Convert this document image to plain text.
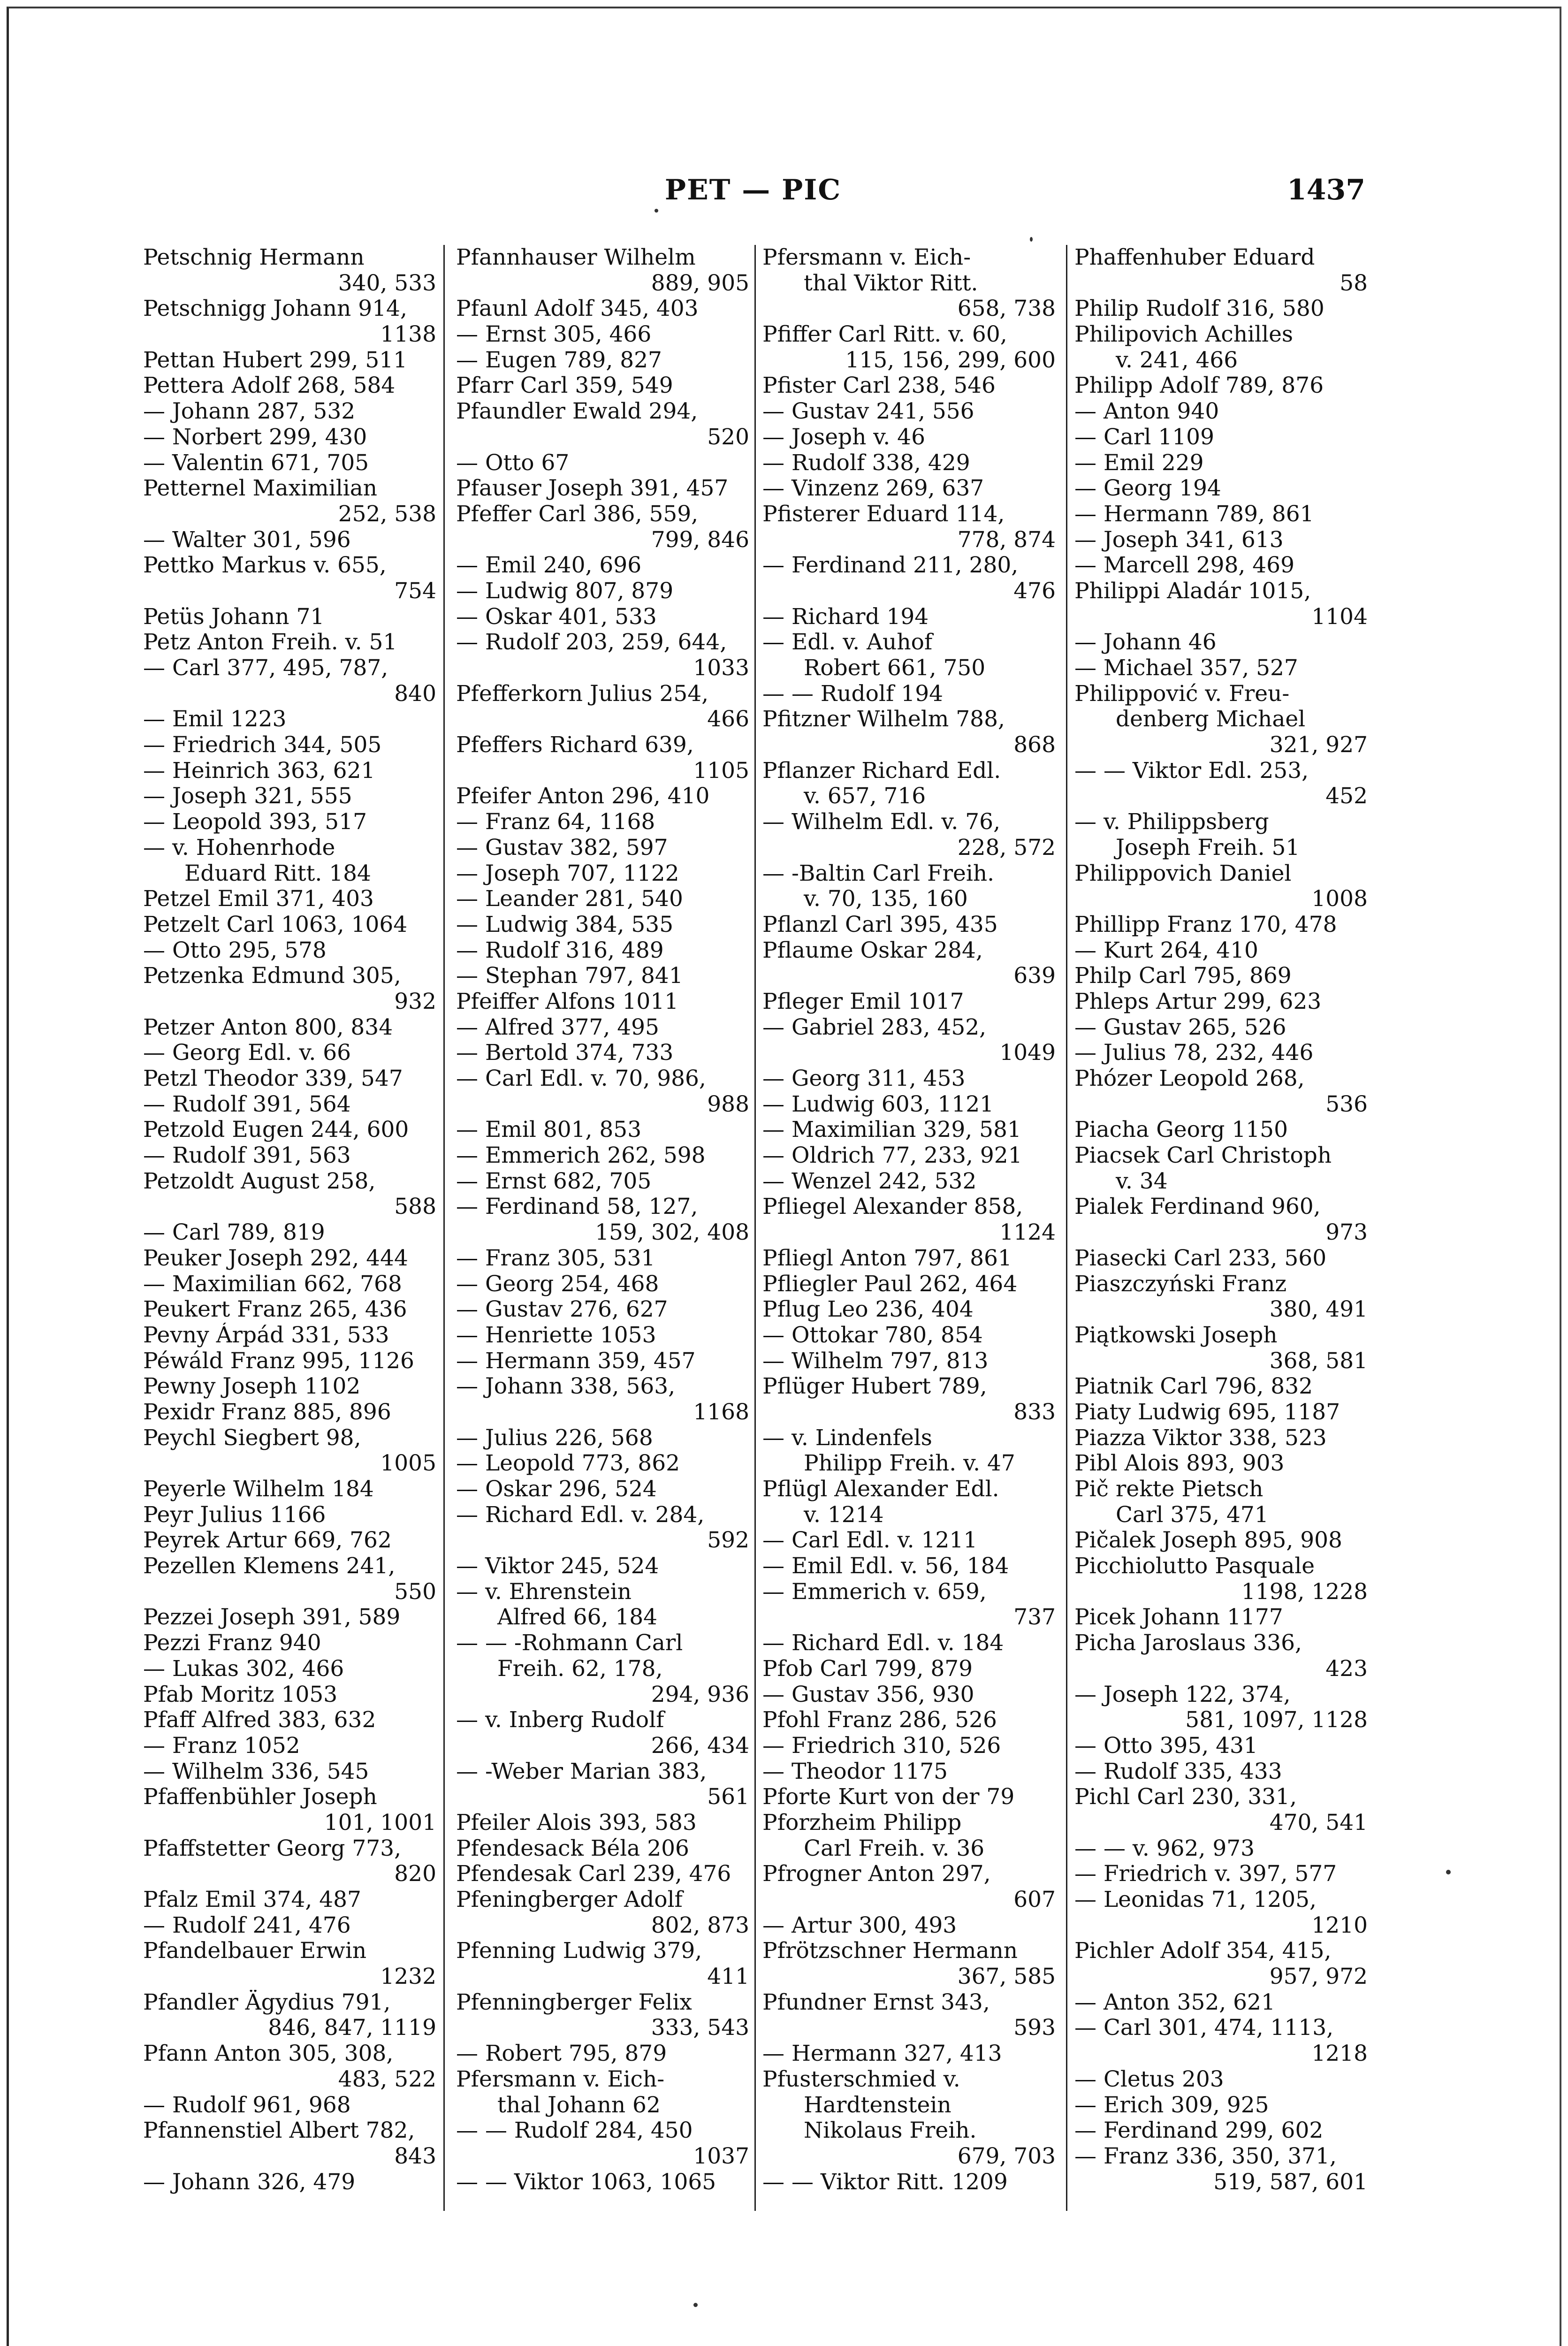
PET — PIC	1437
Petschnig Hermann
340, 533
Petschnigg Johann 914,
1138
Pettan Hubert 299, 511
Pettera Adolf 268, 584
— Johann 287, 532
— Norbert 299, 430
— Valentin 671, 705
Petternel Maximilian
252, 538
— Walter 301, 596
Pettko Markus v. 655,
754
Petüs Johann 71
Petz Anton Freih. v. 51
— Carl 377, 495, 787,
840
— Emil 1223
— Friedrich 344, 505
— Heinrich 363, 621
— Joseph 321, 555
— Leopold 393, 517
— v. Hohenrhode
Eduard Ritt. 184
Petzel Emil 371, 403
Petzelt Carl 1063, 1064
— Otto 295, 578
Petzenka Edmund 305,
932
Petzer Anton 800, 834
— Georg Edl. v. 66
Petzl Theodor 339, 547
— Rudolf 391, 564
Petzold Eugen 244, 600
— Rudolf 391, 563
Petzoldt August 258,
588
— Carl 789, 819
Peuker Joseph 292, 444
— Maximilian 662, 768
Peukert Franz 265, 436
Pevny Árpád 331, 533
Péwáld Franz 995, 1126
Pewny Joseph 1102
Pexidr Franz 885, 896
Peychl Siegbert 98,
1005
Peyerle Wilhelm 184
Peyr Julius 1166
Peyrek Artur 669, 762
Pezellen Klemens 241,
550
Pezzei Joseph 391, 589
Pezzi Franz 940
— Lukas 302, 466
Pfab Moritz 1053
Pfaff Alfred 383, 632
— Franz 1052
— Wilhelm 336, 545
Pfaffenbühler Joseph
101, 1001
Pfaffstetter Georg 773,
820
Pfalz Emil 374, 487
— Rudolf 241, 476
Pfandelbauer Erwin
1232
Pfandler Ägydius 791,
846, 847, 1119
Pfann Anton 305, 308,
483, 522
— Rudolf 961, 968
Pfannenstiel Albert 782,
843
— Johann 326, 479
Pfannhauser Wilhelm
889, 905
Pfaunl Adolf 345, 403
— Ernst 305, 466
— Eugen 789, 827
Pfarr Carl 359, 549
Pfaundler Ewald 294,
520
— Otto 67
Pfauser Joseph 391, 457
Pfeffer Carl 386, 559,
799, 846
— Emil 240, 696
— Ludwig 807, 879
— Oskar 401, 533
— Rudolf 203, 259, 644,
1033
Pfefferkorn Julius 254,
466
Pfeffers Richard 639,
1105
Pfeifer Anton 296, 410
— Franz 64, 1168
— Gustav 382, 597
— Joseph 707, 1122
— Leander 281, 540
— Ludwig 384, 535
— Rudolf 316, 489
— Stephan 797, 841
Pfeiffer Alfons 1011
— Alfred 377, 495
— Bertold 374, 733
— Carl Edl. v. 70, 986,
988
— Emil 801, 853
— Emmerich 262, 598
— Ernst 682, 705
— Ferdinand 58, 127,
159, 302, 408
— Franz 305, 531
— Georg 254, 468
— Gustav 276, 627
— Henriette 1053
— Hermann 359, 457
— Johann 338, 563,
1168
— Julius 226, 568
— Leopold 773, 862
— Oskar 296, 524
— Richard Edl. v. 284,
592
— Viktor 245, 524
— v. Ehrenstein
Alfred 66, 184
— — -Rohmann Carl
Freih. 62, 178,
294, 936
— v. Inberg Rudolf
266, 434
— -Weber Marian 383,
561
Pfeiler Alois 393, 583
Pfendesack Béla 206
Pfendesak Carl 239, 476
Pfeningberger Adolf
802, 873
Pfenning Ludwig 379,
411
Pfenningberger Felix
333, 543
— Robert 795, 879
Pfersmann v. Eich-
thal Johann 62
— — Rudolf 284, 450
1037
— — Viktor 1063, 1065
Pfersmann v. Eich-
thal Viktor Ritt.
658, 738
Pfiffer Carl Ritt. v. 60,
115, 156, 299, 600
Pfister Carl 238, 546
— Gustav 241, 556
— Joseph v. 46
— Rudolf 338, 429
— Vinzenz 269, 637
Pfisterer Eduard 114,
778, 874
— Ferdinand 211, 280,
476
— Richard 194
— Edl. v. Auhof
Robert 661, 750
— — Rudolf 194
Pfitzner Wilhelm 788,
868
Pflanzer Richard Edl.
v. 657, 716
— Wilhelm Edl. v. 76,
228, 572
— -Baltin Carl Freih.
v. 70, 135, 160
Pflanzl Carl 395, 435
Pflaume Oskar 284,
639
Pfleger Emil 1017
— Gabriel 283, 452,
1049
— Georg 311, 453
— Ludwig 603, 1121
— Maximilian 329, 581
— Oldrich 77, 233, 921
— Wenzel 242, 532
Pfliegel Alexander 858,
1124
Pfliegl Anton 797, 861
Pfliegler Paul 262, 464
Pflug Leo 236, 404
— Ottokar 780, 854
— Wilhelm 797, 813
Pflüger Hubert 789,
833
— v. Lindenfels
Philipp Freih. v. 47
Pflügl Alexander Edl.
v. 1214
— Carl Edl. v. 1211
— Emil Edl. v. 56, 184
— Emmerich v. 659,
737
— Richard Edl. v. 184
Pfob Carl 799, 879
— Gustav 356, 930
Pfohl Franz 286, 526
— Friedrich 310, 526
— Theodor 1175
Pforte Kurt von der 79
Pforzheim Philipp
Carl Freih. v. 36
Pfrogner Anton 297,
607
— Artur 300, 493
Pfrötzschner Hermann
367, 585
Pfundner Ernst 343,
593
— Hermann 327, 413
Pfusterschmied v.
Hardtenstein
Nikolaus Freih.
679, 703
— — Viktor Ritt. 1209
Phaffenhuber Eduard
58
Philip Rudolf 316, 580
Philipovich Achilles
v. 241, 466
Philipp Adolf 789, 876
— Anton 940
— Carl 1109
— Emil 229
— Georg 194
— Hermann 789, 861
— Joseph 341, 613
— Marcell 298, 469
Philippi Aladár 1015,
1104
— Johann 46
— Michael 357, 527
Philippović v. Freu-
denberg Michael
321, 927
— — Viktor Edl. 253,
452
— v. Philippsberg
Joseph Freih. 51
Philippovich Daniel
1008
Phillipp Franz 170, 478
— Kurt 264, 410
Philp Carl 795, 869
Phleps Artur 299, 623
— Gustav 265, 526
— Julius 78, 232, 446
Phózer Leopold 268,
536
Piacha Georg 1150
Piacsek Carl Christoph
v. 34
Pialek Ferdinand 960,
973
Piasecki Carl 233, 560
Piaszczyński Franz
380, 491
Piątkowski Joseph
368, 581
Piatnik Carl 796, 832
Piaty Ludwig 695, 1187
Piazza Viktor 338, 523
Pibl Alois 893, 903
Pič rekte Pietsch
Carl 375, 471
Pičalek Joseph 895, 908
Picchiolutto Pasquale
1198, 1228
Picek Johann 1177
Picha Jaroslaus 336,
423
— Joseph 122, 374,
581, 1097, 1128
— Otto 395, 431
— Rudolf 335, 433
Pichl Carl 230, 331,
470, 541
— — v. 962, 973
— Friedrich v. 397, 577
— Leonidas 71, 1205,
1210
Pichler Adolf 354, 415,
957, 972
— Anton 352, 621
— Carl 301, 474, 1113,
1218
— Cletus 203
— Erich 309, 925
— Ferdinand 299, 602
— Franz 336, 350, 371,
519, 587, 601
